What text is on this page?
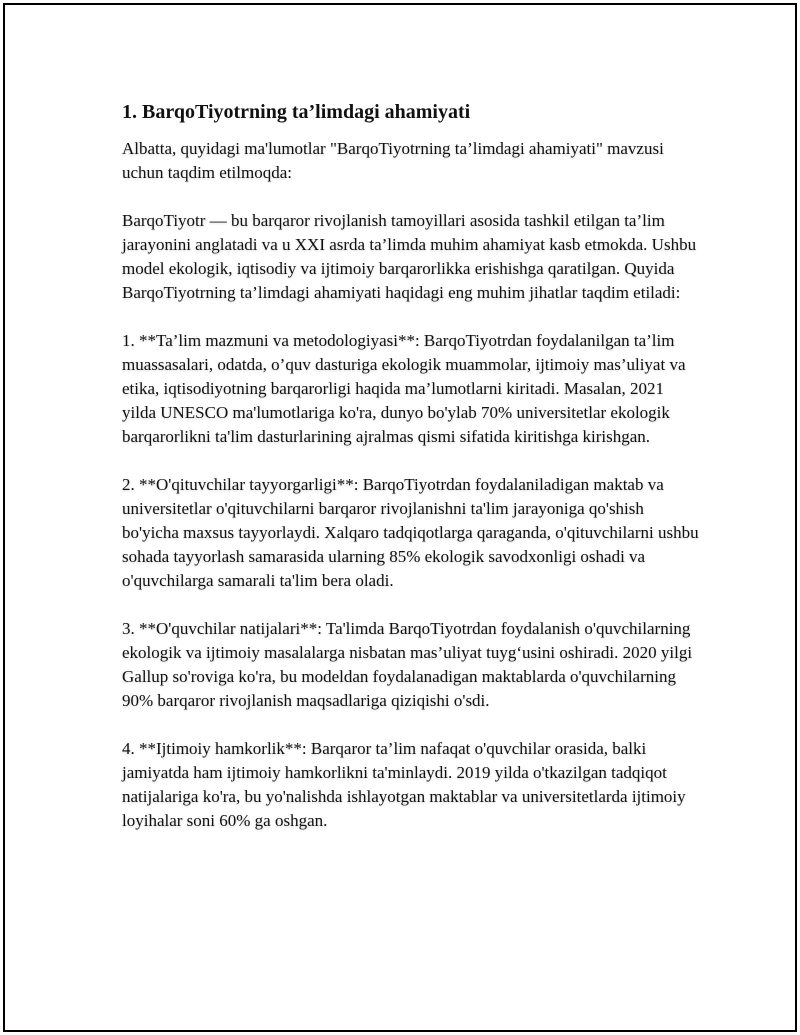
1. BarqoTiyotrning ta’limdagi ahamiyati

Albatta, quyidagi ma'lumotlar "BarqoTiyotrning ta’limdagi ahamiyati" mavzusi uchun taqdim etilmoqda:

BarqoTiyotr — bu barqaror rivojlanish tamoyillari asosida tashkil etilgan ta’lim jarayonini anglatadi va u XXI asrda ta’limda muhim ahamiyat kasb etmokda. Ushbu model ekologik, iqtisodiy va ijtimoiy barqarorlikka erishishga qaratilgan. Quyida BarqoTiyotrning ta’limdagi ahamiyati haqidagi eng muhim jihatlar taqdim etiladi:

1. **Ta’lim mazmuni va metodologiyasi**: BarqoTiyotrdan foydalanilgan ta’lim muassasalari, odatda, o’quv dasturiga ekologik muammolar, ijtimoiy mas’uliyat va etika, iqtisodiyotning barqarorligi haqida ma’lumotlarni kiritadi. Masalan, 2021 yilda UNESCO ma'lumotlariga ko'ra, dunyo bo'ylab 70% universitetlar ekologik barqarorlikni ta'lim dasturlarining ajralmas qismi sifatida kiritishga kirishgan.

2. **O'qituvchilar tayyorgarligi**: BarqoTiyotrdan foydalaniladigan maktab va universitetlar o'qituvchilarni barqaror rivojlanishni ta'lim jarayoniga qo'shish bo'yicha maxsus tayyorlaydi. Xalqaro tadqiqotlarga qaraganda, o'qituvchilarni ushbu sohada tayyorlash samarasida ularning 85% ekologik savodxonligi oshadi va o'quvchilarga samarali ta'lim bera oladi.

3. **O'quvchilar natijalari**: Ta'limda BarqoTiyotrdan foydalanish o'quvchilarning ekologik va ijtimoiy masalalarga nisbatan mas’uliyat tuyg‘usini oshiradi. 2020 yilgi Gallup so'roviga ko'ra, bu modeldan foydalanadigan maktablarda o'quvchilarning 90% barqaror rivojlanish maqsadlariga qiziqishi o'sdi.

4. **Ijtimoiy hamkorlik**: Barqaror ta’lim nafaqat o'quvchilar orasida, balki jamiyatda ham ijtimoiy hamkorlikni ta'minlaydi. 2019 yilda o'tkazilgan tadqiqot natijalariga ko'ra, bu yo'nalishda ishlayotgan maktablar va universitetlarda ijtimoiy loyihalar soni 60% ga oshgan.
